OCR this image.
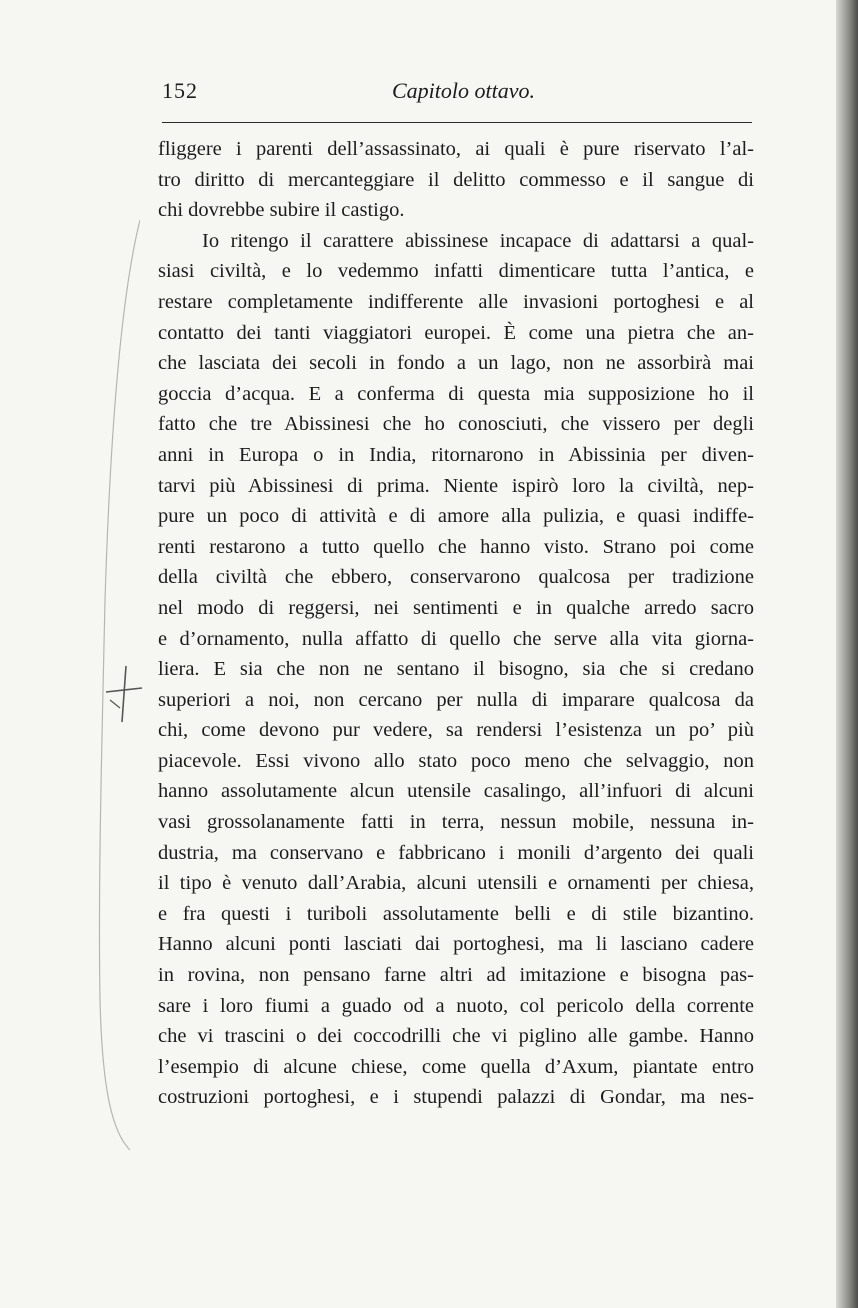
152	Capitolo ottavo.
fliggere i parenti dell’assassinato, ai quali è pure riservato l’al-
tro diritto di mercanteggiare il delitto commesso e il sangue di
chi dovrebbe subire il castigo.
Io ritengo il carattere abissinese incapace di adattarsi a qual-
siasi civiltà, e lo vedemmo infatti dimenticare tutta l’antica, e
restare completamente indifferente alle invasioni portoghesi e al
contatto dei tanti viaggiatori europei. È come una pietra che an-
che lasciata dei secoli in fondo a un lago, non ne assorbirà mai
goccia d’acqua. E a conferma di questa mia supposizione ho il
fatto che tre Abissinesi che ho conosciuti, che vissero per degli
anni in Europa o in India, ritornarono in Abissinia per diven-
tarvi più Abissinesi di prima. Niente ispirò loro la civiltà, nep-
pure un poco di attività e di amore alla pulizia, e quasi indiffe-
renti restarono a tutto quello che hanno visto. Strano poi come
della civiltà che ebbero, conservarono qualcosa per tradizione
nel modo di reggersi, nei sentimenti e in qualche arredo sacro
e d’ornamento, nulla affatto di quello che serve alla vita giorna-
liera. E sia che non ne sentano il bisogno, sia che si credano
superiori a noi, non cercano per nulla di imparare qualcosa da
chi, come devono pur vedere, sa rendersi l’esistenza un po’ più
piacevole. Essi vivono allo stato poco meno che selvaggio, non
hanno assolutamente alcun utensile casalingo, all’infuori di alcuni
vasi grossolanamente fatti in terra, nessun mobile, nessuna in-
dustria, ma conservano e fabbricano i monili d’argento dei quali
il tipo è venuto dall’Arabia, alcuni utensili e ornamenti per chiesa,
e fra questi i turiboli assolutamente belli e di stile bizantino.
Hanno alcuni ponti lasciati dai portoghesi, ma li lasciano cadere
in rovina, non pensano farne altri ad imitazione e bisogna pas-
sare i loro fiumi a guado od a nuoto, col pericolo della corrente
che vi trascini o dei coccodrilli che vi piglino alle gambe. Hanno
l’esempio di alcune chiese, come quella d’Axum, piantate entro
costruzioni portoghesi, e i stupendi palazzi di Gondar, ma nes-
